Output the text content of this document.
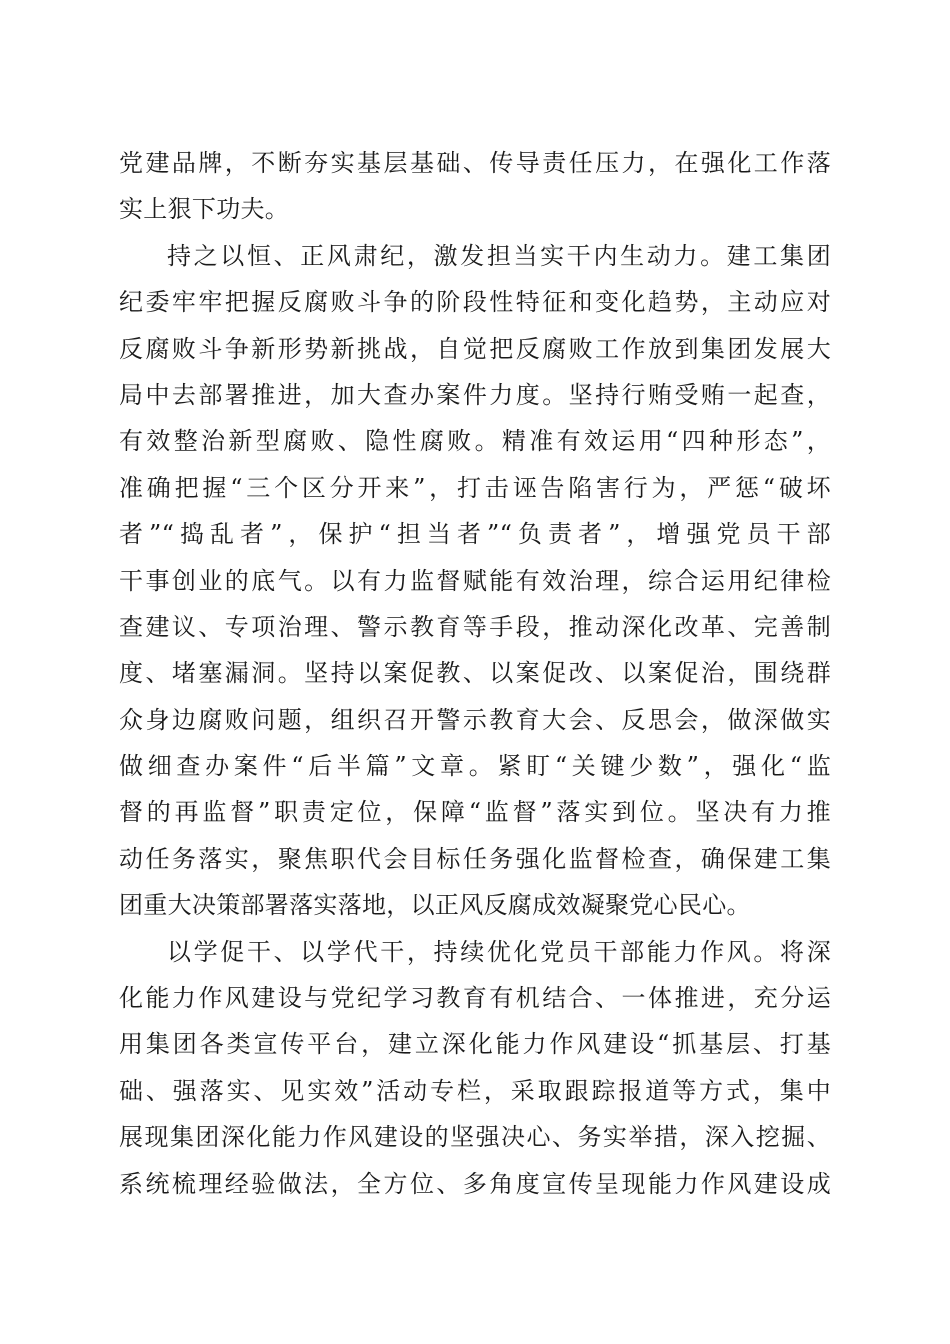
党建品牌，不断夯实基层基础、传导责任压力，在强化工作落
实上狠下功夫。
持之以恒、正风肃纪，激发担当实干内生动力。建工集团
纪委牢牢把握反腐败斗争的阶段性特征和变化趋势，主动应对
反腐败斗争新形势新挑战，自觉把反腐败工作放到集团发展大
局中去部署推进，加大查办案件力度。坚持行贿受贿一起查，
有效整治新型腐败、隐性腐败。精准有效运用“四种形态”，
准确把握“三个区分开来”，打击诬告陷害行为，严惩“破坏
者”“捣乱者”，保护“担当者”“负责者”，增强党员干部
干事创业的底气。以有力监督赋能有效治理，综合运用纪律检
查建议、专项治理、警示教育等手段，推动深化改革、完善制
度、堵塞漏洞。坚持以案促教、以案促改、以案促治，围绕群
众身边腐败问题，组织召开警示教育大会、反思会，做深做实
做细查办案件“后半篇”文章。紧盯“关键少数”，强化“监
督的再监督”职责定位，保障“监督”落实到位。坚决有力推
动任务落实，聚焦职代会目标任务强化监督检查，确保建工集
团重大决策部署落实落地，以正风反腐成效凝聚党心民心。
以学促干、以学代干，持续优化党员干部能力作风。将深
化能力作风建设与党纪学习教育有机结合、一体推进，充分运
用集团各类宣传平台，建立深化能力作风建设“抓基层、打基
础、强落实、见实效”活动专栏，采取跟踪报道等方式，集中
展现集团深化能力作风建设的坚强决心、务实举措，深入挖掘、
系统梳理经验做法，全方位、多角度宣传呈现能力作风建设成
